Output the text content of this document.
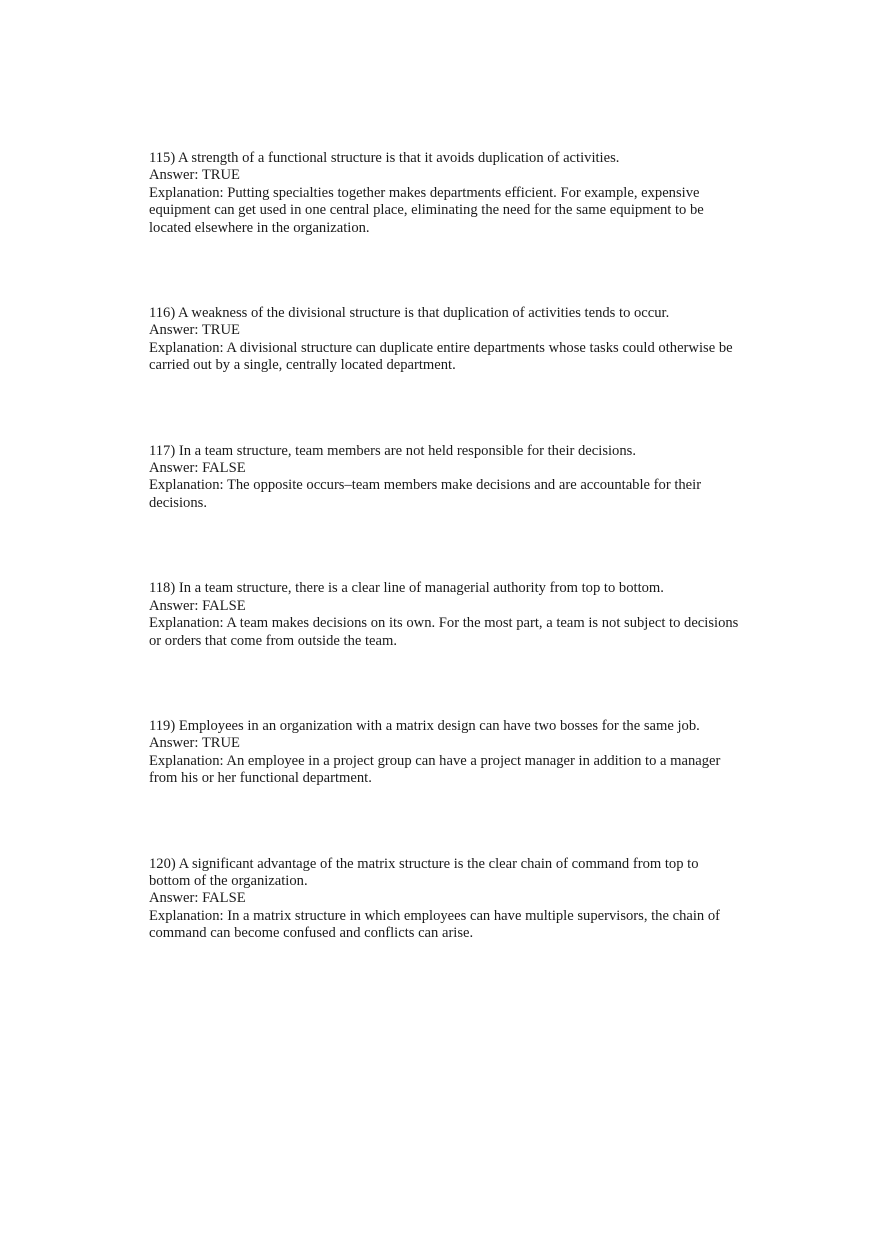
115) A strength of a functional structure is that it avoids duplication of activities.

Answer: TRUE

Explanation: Putting specialties together makes departments efficient. For example, expensive equipment can get used in one central place, eliminating the need for the same equipment to be located elsewhere in the organization.

116) A weakness of the divisional structure is that duplication of activities tends to occur.

Answer: TRUE

Explanation: A divisional structure can duplicate entire departments whose tasks could otherwise be carried out by a single, centrally located department.

117) In a team structure, team members are not held responsible for their decisions.

Answer: FALSE

Explanation: The opposite occurs–team members make decisions and are accountable for their decisions.

118) In a team structure, there is a clear line of managerial authority from top to bottom.

Answer: FALSE

Explanation: A team makes decisions on its own. For the most part, a team is not subject to decisions or orders that come from outside the team.

119) Employees in an organization with a matrix design can have two bosses for the same job.

Answer: TRUE

Explanation: An employee in a project group can have a project manager in addition to a manager from his or her functional department.

120) A significant advantage of the matrix structure is the clear chain of command from top to bottom of the organization.

Answer: FALSE

Explanation: In a matrix structure in which employees can have multiple supervisors, the chain of command can become confused and conflicts can arise.
